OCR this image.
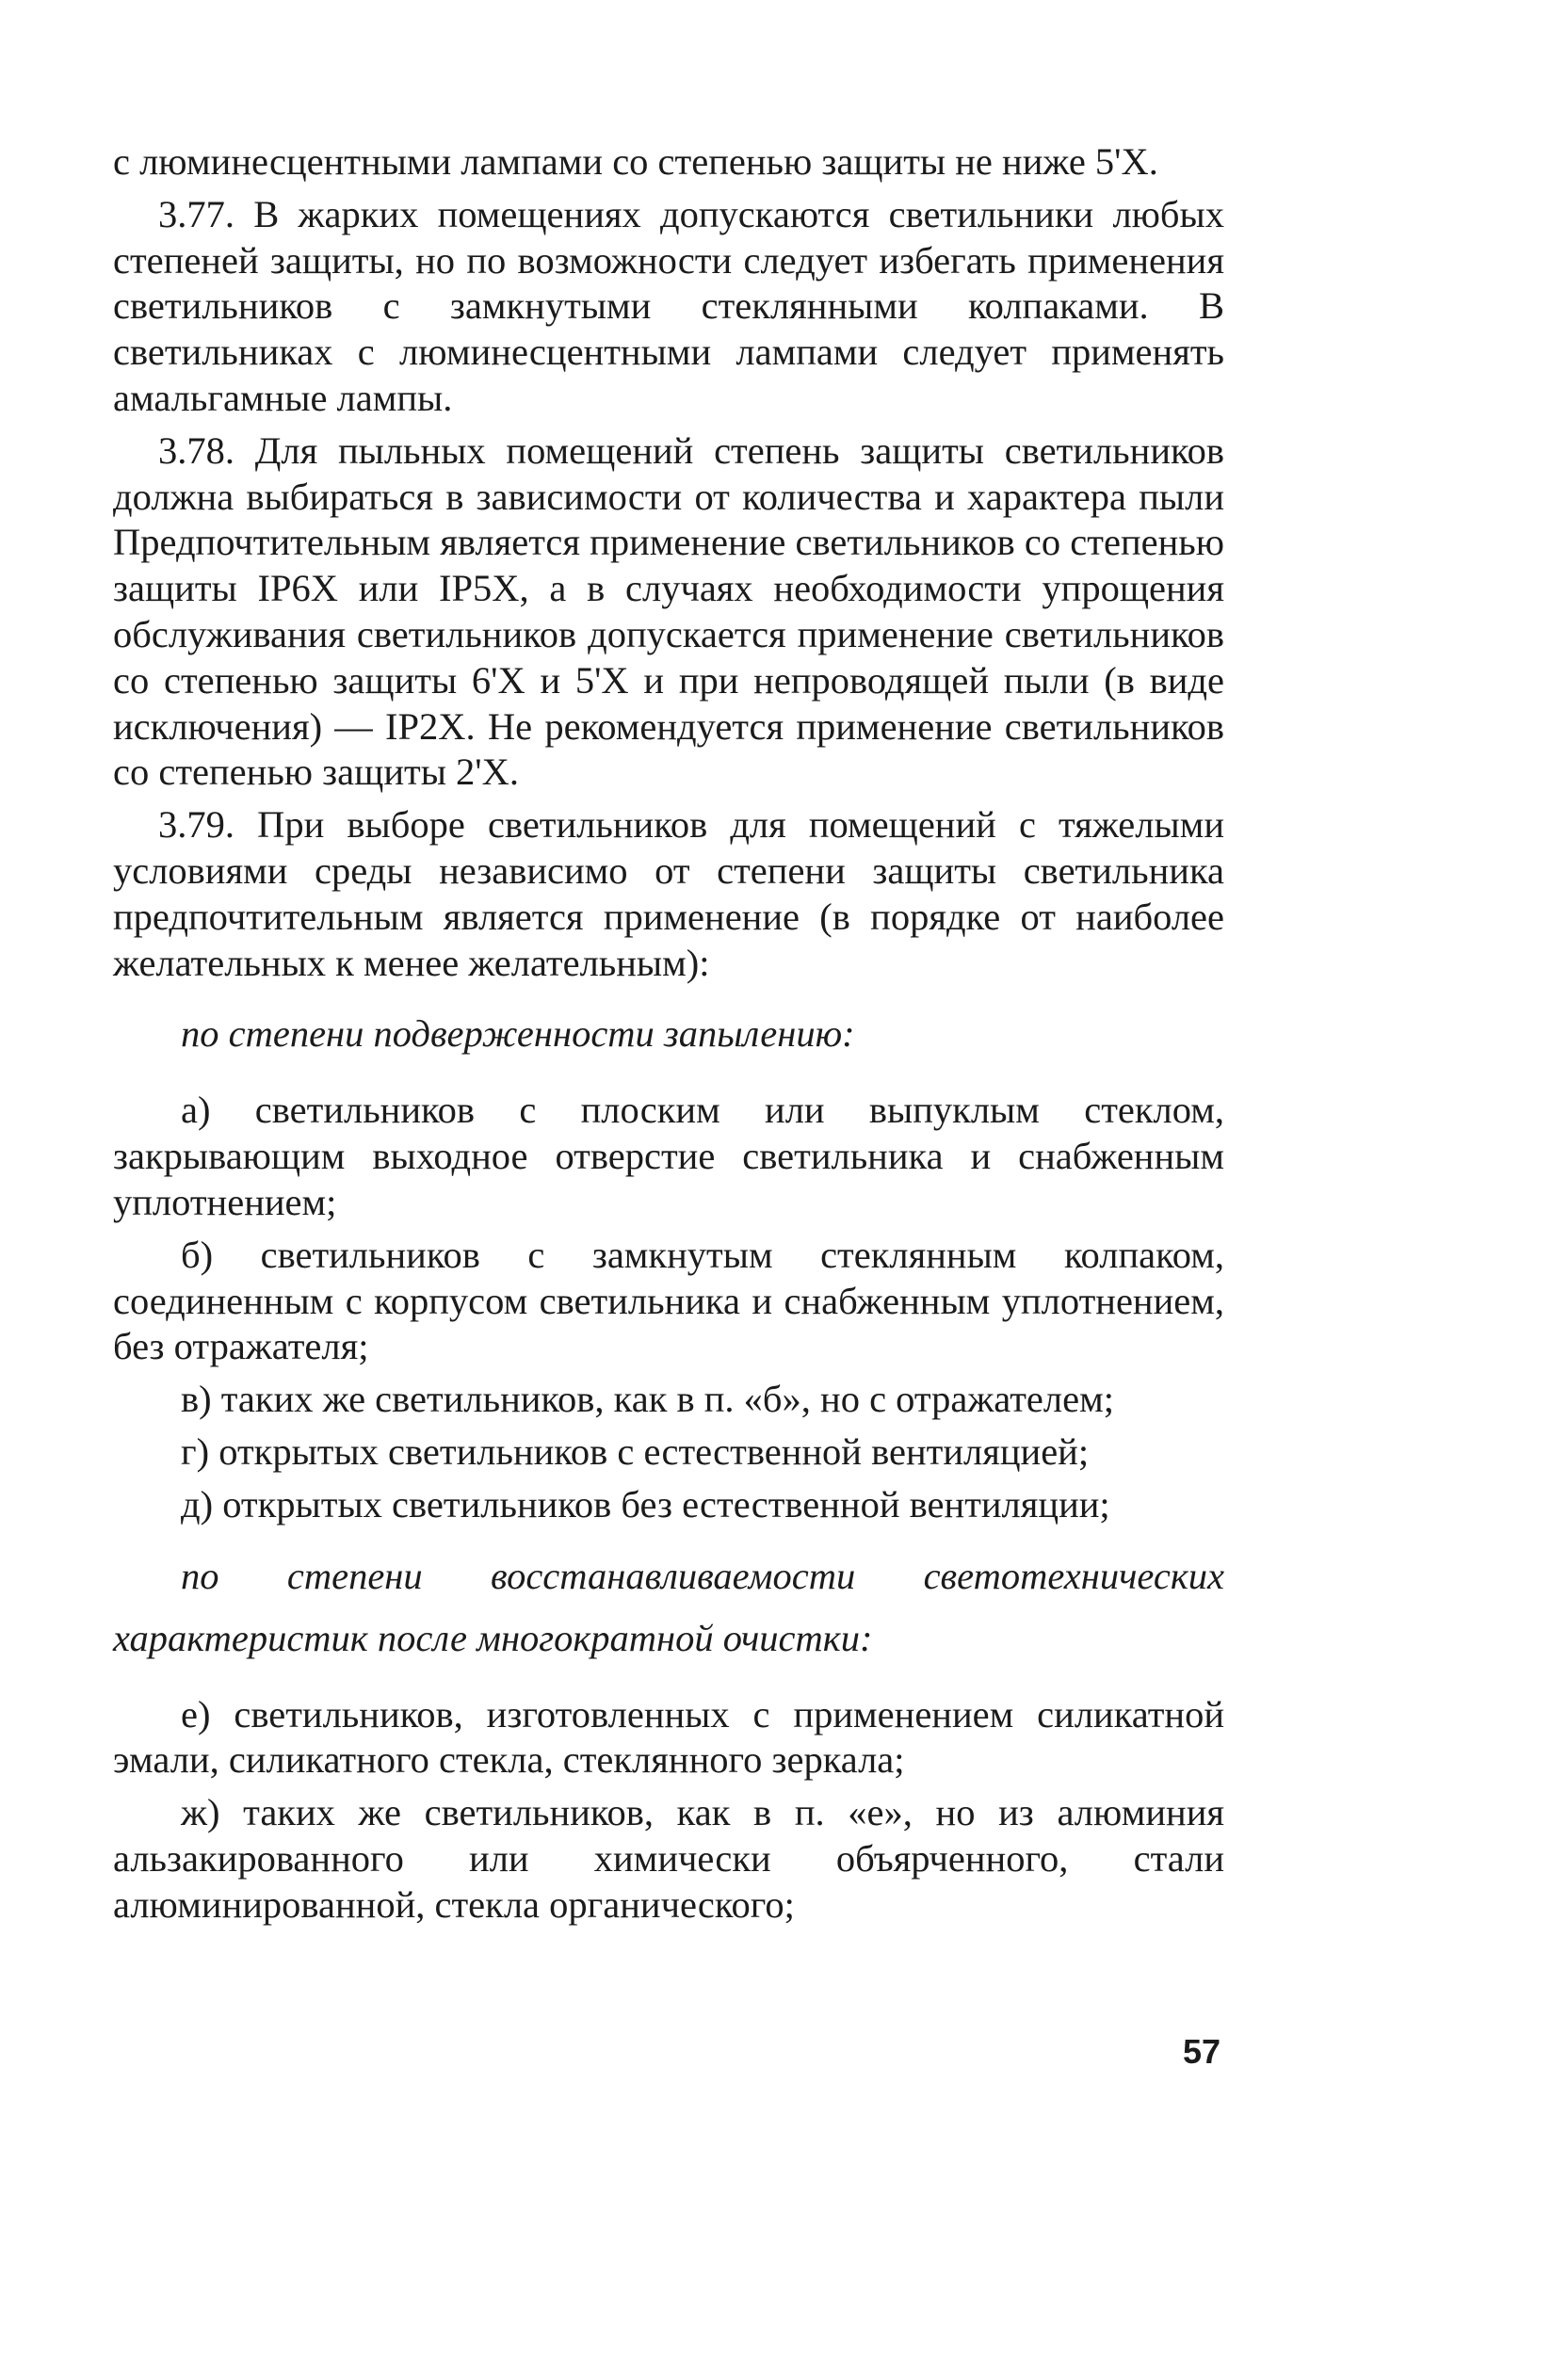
с люминесцентными лампами со степенью защиты не ниже 5'X.

3.77. В жарких помещениях допускаются светильники любых степеней защиты, но по возможности следует избегать применения светильников с замкнутыми стеклянными колпаками. В светильниках с люминесцентными лампами следует применять амальгамные лампы.

3.78. Для пыльных помещений степень защиты светильников должна выбираться в зависимости от количества и характера пыли Предпочтительным является применение светильников со степенью защиты IP6X или IP5X, а в случаях необходимости упрощения обслуживания светильников допускается применение светильников со степенью защиты 6'X и 5'X и при непроводящей пыли (в виде исключения) — IP2X. Не рекомендуется применение светильников со степенью защиты 2'X.

3.79. При выборе светильников для помещений с тяжелыми условиями среды независимо от степени защиты светильника предпочтительным является применение (в порядке от наиболее желательных к менее желательным):

по степени подверженности запылению:

а) светильников с плоским или выпуклым стеклом, закрывающим выходное отверстие светильника и снабженным уплотнением;

б) светильников с замкнутым стеклянным колпаком, соединенным с корпусом светильника и снабженным уплотнением, без отражателя;

в) таких же светильников, как в п. «б», но с отражателем;

г) открытых светильников с естественной вентиляцией;

д) открытых светильников без естественной вентиляции;

по степени восстанавливаемости светотехнических характеристик после многократной очистки:

е) светильников, изготовленных с применением силикатной эмали, силикатного стекла, стеклянного зеркала;

ж) таких же светильников, как в п. «е», но из алюминия альзакированного или химически объярченного, стали алюминированной, стекла органического;

57
